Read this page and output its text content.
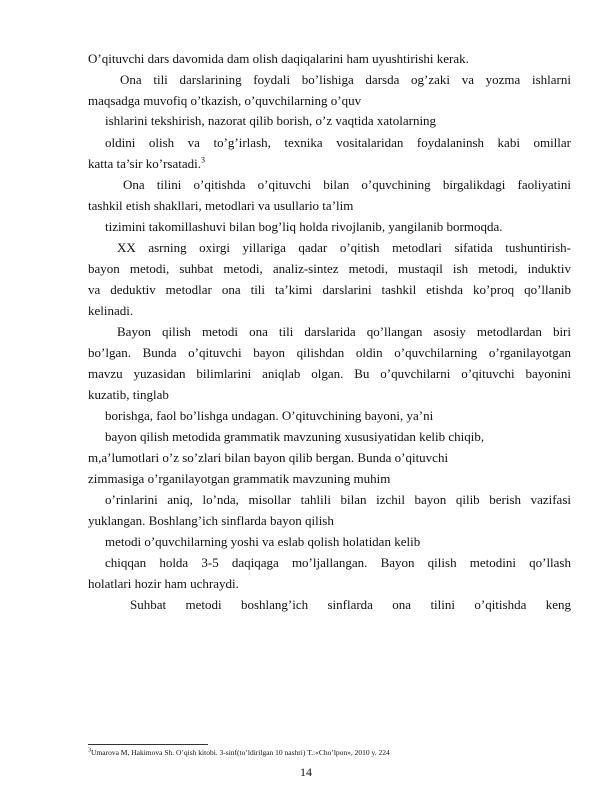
O’qituvchi dars davomida dam olish daqiqalarini ham uyushtirishi kerak.
Ona tili darslarining foydali bo’lishiga darsda og’zaki va yozma ishlarni
maqsadga muvofiq o’tkazish, o’quvchilarning o’quv
ishlarini tekshirish, nazorat qilib borish, o’z vaqtida xatolarning
oldini olish va to’g’irlash, texnika vositalaridan foydalaninsh kabi omillar
katta ta’sir ko’rsatadi.$^3$
Ona tilini o’qitishda o’qituvchi bilan o’quvchining birgalikdagi faoliyatini
tashkil etish shakllari, metodlari va usullario ta’lim
tizimini takomillashuvi bilan bog’liq holda rivojlanib, yangilanib bormoqda.
XX asrning oxirgi yillariga qadar o’qitish metodlari sifatida tushuntirish-
bayon metodi, suhbat metodi, analiz-sintez metodi, mustaqil ish metodi, induktiv
va deduktiv metodlar ona tili ta’kimi darslarini tashkil etishda ko’proq qo’llanib
kelinadi.
Bayon qilish metodi ona tili darslarida qo’llangan asosiy metodlardan biri
bo’lgan. Bunda o’qituvchi bayon qilishdan oldin o’quvchilarning o’rganilayotgan
mavzu yuzasidan bilimlarini aniqlab olgan. Bu o’quvchilarni o’qituvchi bayonini
kuzatib, tinglab
borishga, faol bo’lishga undagan. O’qituvchining bayoni, ya’ni
bayon qilish metodida grammatik mavzuning xususiyatidan kelib chiqib,
m,a’lumotlari o’z so’zlari bilan bayon qilib bergan. Bunda o’qituvchi
zimmasiga o’rganilayotgan grammatik mavzuning muhim
o’rinlarini aniq, lo’nda, misollar tahlili bilan izchil bayon qilib berish vazifasi
yuklangan. Boshlang’ich sinflarda bayon qilish
metodi o’quvchilarning yoshi va eslab qolish holatidan kelib
chiqqan holda 3-5 daqiqaga mo’ljallangan. Bayon qilish metodini qo’llash
holatlari hozir ham uchraydi.
Suhbat metodi boshlang’ich sinflarda ona tilini o’qitishda keng
$^3$Umarova M, Hakimova Sh. O’qish kitobi. 3-sinf(to’ldirilgan 10 nashri) T.:«Cho’lpon», 2010 y. 224
14
